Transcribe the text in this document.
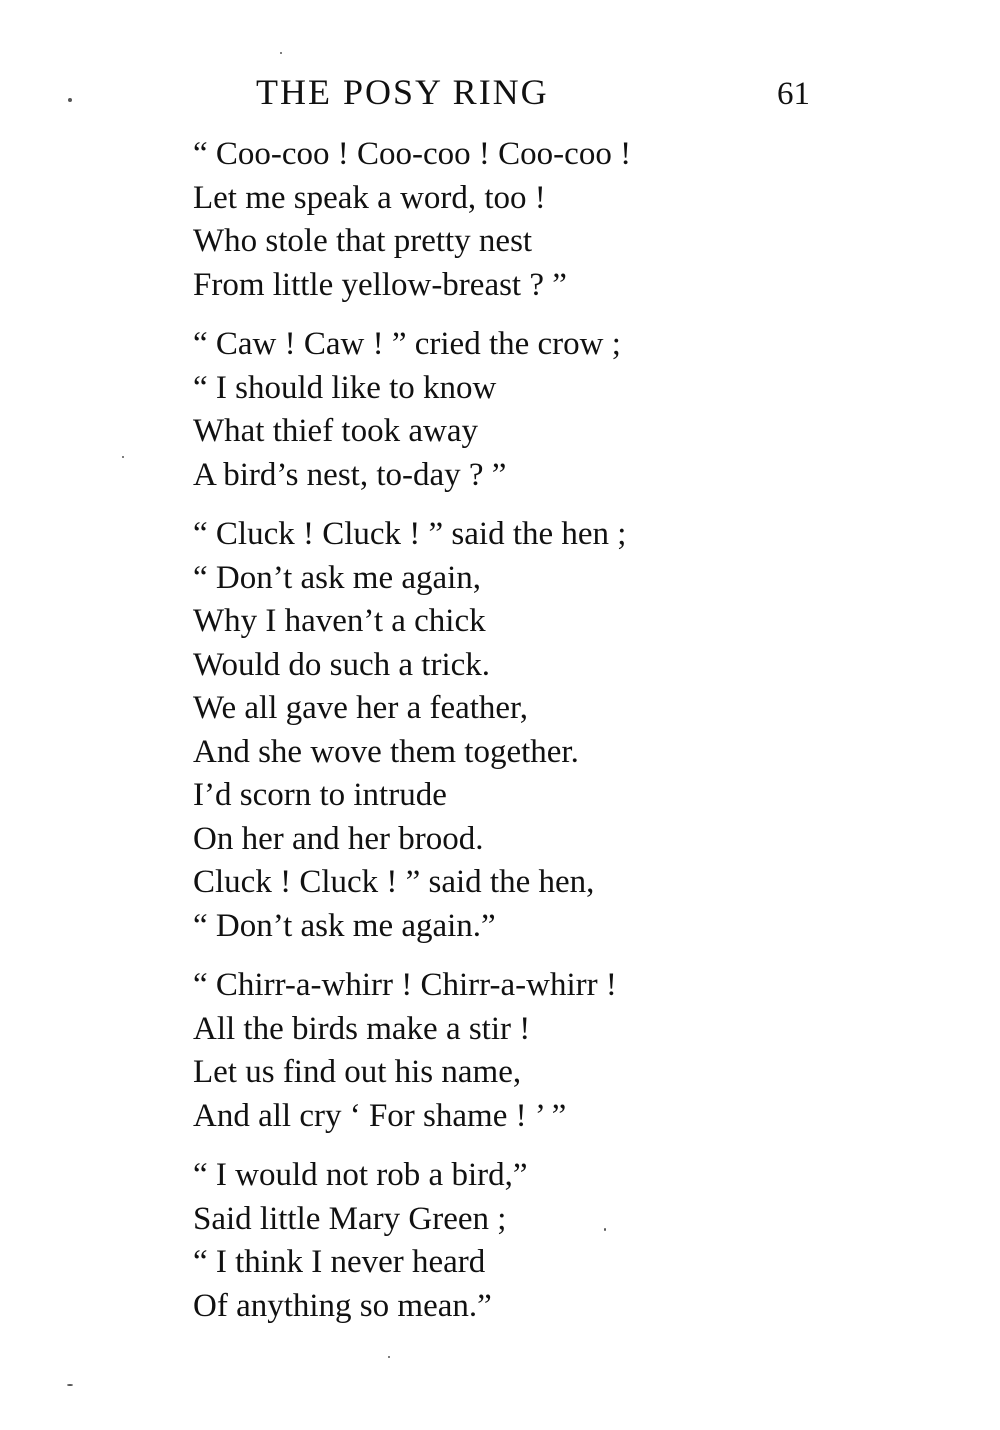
THE POSY RING	61
“ Coo-coo ! Coo-coo ! Coo-coo !
Let me speak a word, too !
Who stole that pretty nest
From little yellow-breast ? ”
“ Caw ! Caw ! ” cried the crow ;
“ I should like to know
What thief took away
A bird’s nest, to-day ? ”
“ Cluck ! Cluck ! ” said the hen ;
“ Don’t ask me again,
Why I haven’t a chick
Would do such a trick.
We all gave her a feather,
And she wove them together.
I’d scorn to intrude
On her and her brood.
Cluck ! Cluck ! ” said the hen,
“ Don’t ask me again.”
“ Chirr-a-whirr ! Chirr-a-whirr !
All the birds make a stir !
Let us find out his name,
And all cry ‘ For shame ! ’ ”
“ I would not rob a bird,”
Said little Mary Green ;
“ I think I never heard
Of anything so mean.”
